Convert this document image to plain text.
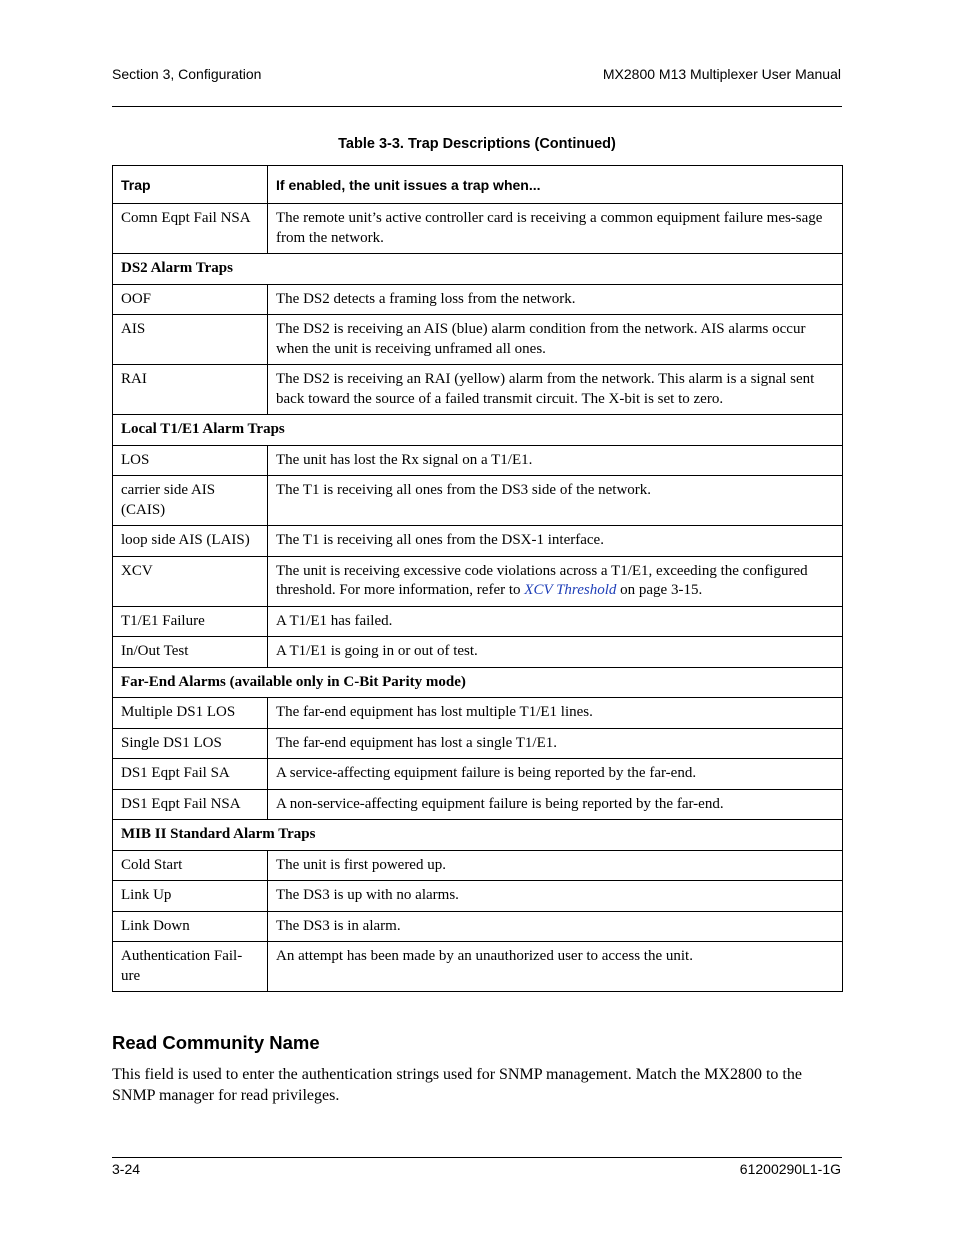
Section 3, Configuration	MX2800 M13 Multiplexer User Manual
Table 3-3. Trap Descriptions (Continued)
Trap	If enabled, the unit issues a trap when...
Comn Eqpt Fail NSA	The remote unit’s active controller card is receiving a common equipment failure mes-sage from the network.
DS2 Alarm Traps	
OOF	The DS2 detects a framing loss from the network.
AIS	The DS2 is receiving an AIS (blue) alarm condition from the network. AIS alarms occur when the unit is receiving unframed all ones.
RAI	The DS2 is receiving an RAI (yellow) alarm from the network. This alarm is a signal sent back toward the source of a failed transmit circuit. The X-bit is set to zero.
Local T1/E1 Alarm Traps	
LOS	The unit has lost the Rx signal on a T1/E1.
carrier side AIS (CAIS)	The T1 is receiving all ones from the DS3 side of the network.
loop side AIS (LAIS)	The T1 is receiving all ones from the DSX-1 interface.
XCV	The unit is receiving excessive code violations across a T1/E1, exceeding the configured threshold. For more information, refer to XCV Threshold on page 3-15.
T1/E1 Failure	A T1/E1 has failed.
In/Out Test	A T1/E1 is going in or out of test.
Far-End Alarms (available only in C-Bit Parity mode)	
Multiple DS1 LOS	The far-end equipment has lost multiple T1/E1 lines.
Single DS1 LOS	The far-end equipment has lost a single T1/E1.
DS1 Eqpt Fail SA	A service-affecting equipment failure is being reported by the far-end.
DS1 Eqpt Fail NSA	A non-service-affecting equipment failure is being reported by the far-end.
MIB II Standard Alarm Traps	
Cold Start	The unit is first powered up.
Link Up	The DS3 is up with no alarms.
Link Down	The DS3 is in alarm.
Authentication Fail-ure	An attempt has been made by an unauthorized user to access the unit.
Read Community Name
This field is used to enter the authentication strings used for SNMP management. Match the MX2800 to the SNMP manager for read privileges.
3-24	61200290L1-1G
